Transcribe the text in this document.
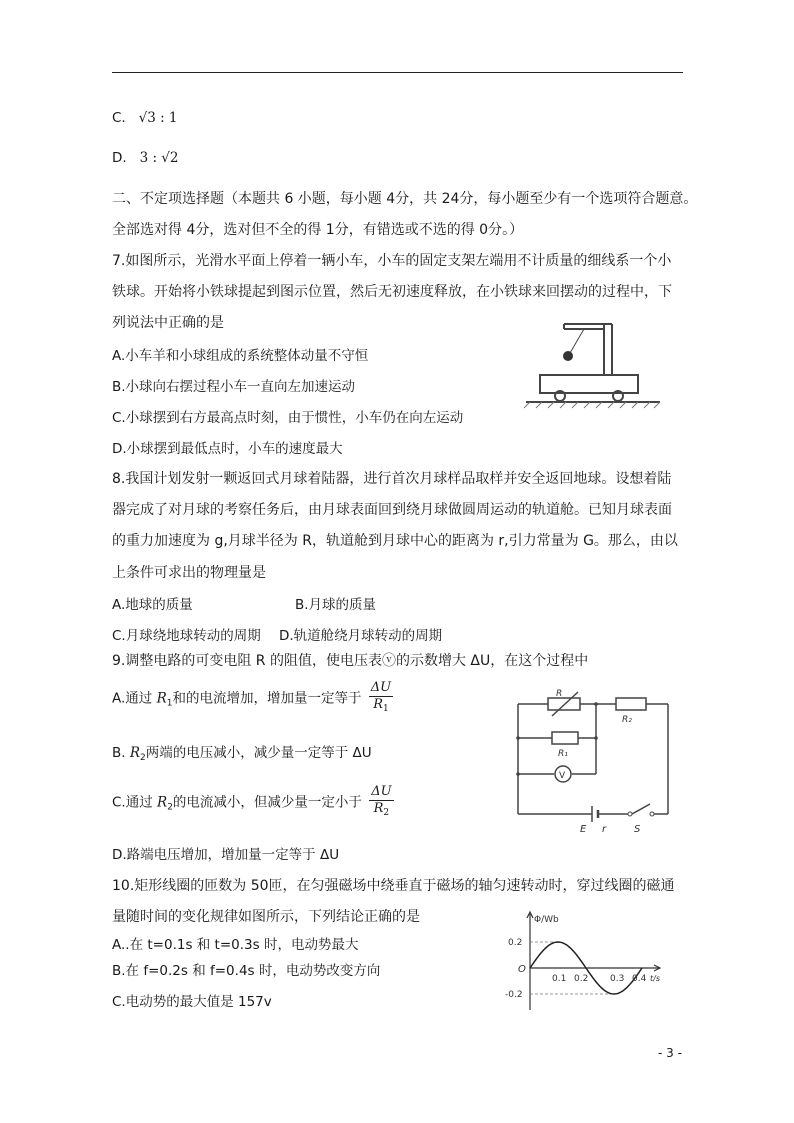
C. √3 : 1
D. 3 : √2
二、不定项选择题（本题共 6 小题，每小题 4分，共 24分，每小题至少有一个选项符合题意。
全部选对得 4分，选对但不全的得 1分，有错选或不选的得 0分。）
7.如图所示，光滑水平面上停着一辆小车，小车的固定支架左端用不计质量的细线系一个小
铁球。开始将小铁球提起到图示位置，然后无初速度释放，在小铁球来回摆动的过程中，下
列说法中正确的是
A.小车羊和小球组成的系统整体动量不守恒
B.小球向右摆过程小车一直向左加速运动
C.小球摆到右方最高点时刻，由于惯性，小车仍在向左运动
D.小球摆到最低点时，小车的速度最大
8.我国计划发射一颗返回式月球着陆器，进行首次月球样品取样并安全返回地球。设想着陆
器完成了对月球的考察任务后，由月球表面回到绕月球做圆周运动的轨道舱。已知月球表面
的重力加速度为 g,月球半径为 R，轨道舱到月球中心的距离为 r,引力常量为 G。那么，由以
上条件可求出的物理量是
A.地球的质量	B.月球的质量
C.月球绕地球转动的周期 D.轨道舱绕月球转动的周期
9.调整电路的可变电阻 R 的阻值，使电压表ⓥ的示数增大 ΔU，在这个过程中
A.通过 $R_1$和的电流增加，增加量一定等于 $\frac{\Delta U}{R_1}$
B. $R_2$两端的电压减小，减少量一定等于 ΔU
C.通过 $R_2$的电流减小，但减少量一定小于 $\frac{\Delta U}{R_2}$
D.路端电压增加，增加量一定等于 ΔU
R
R₂
R₁
V
E r	S
10.矩形线圈的匝数为 50匝，在匀强磁场中绕垂直于磁场的轴匀速转动时，穿过线圈的磁通
量随时间的变化规律如图所示，下列结论正确的是
A..在 t=0.1s 和 t=0.3s 时，电动势最大
B.在 f=0.2s 和 f=0.4s 时，电动势改变方向
C.电动势的最大值是 157v
Φ/Wb
0.2
-0.2
O
0.1 0.2 0.3 0.4 t/s
- 3 -
